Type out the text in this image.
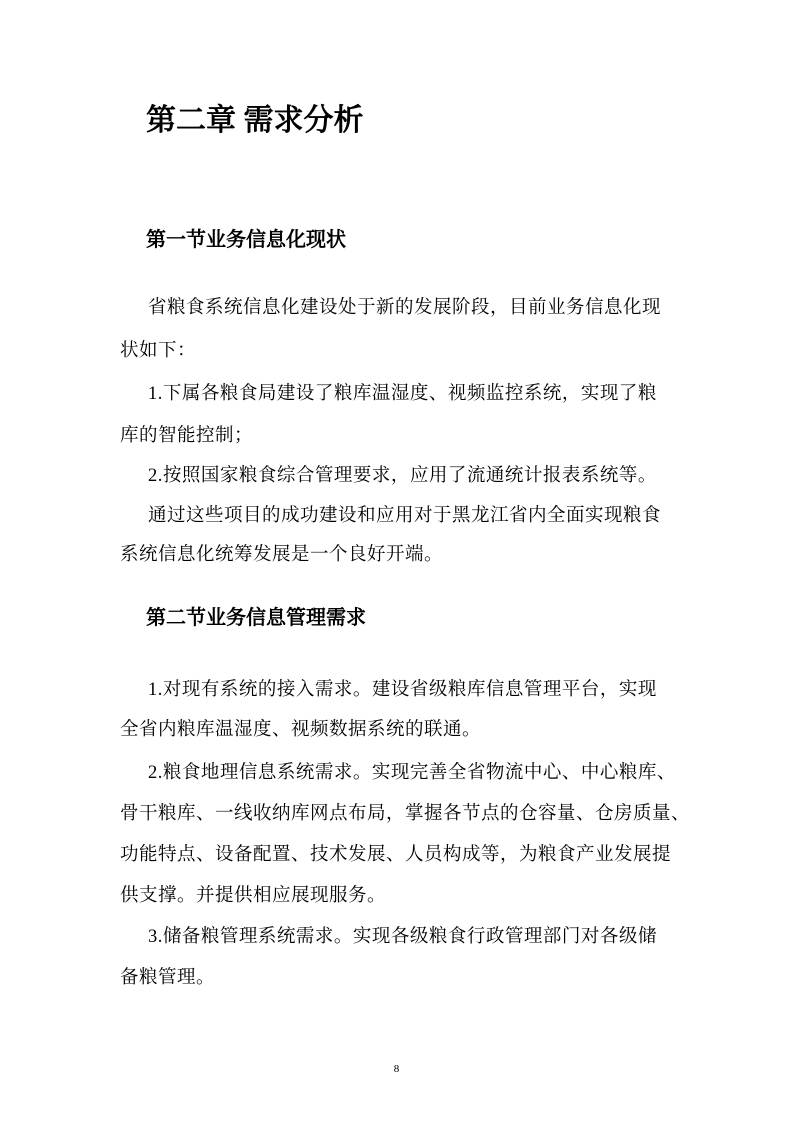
第二章 需求分析
第一节业务信息化现状
省粮食系统信息化建设处于新的发展阶段，目前业务信息化现
状如下：
1.下属各粮食局建设了粮库温湿度、视频监控系统，实现了粮
库的智能控制；
2.按照国家粮食综合管理要求，应用了流通统计报表系统等。
通过这些项目的成功建设和应用对于黑龙江省内全面实现粮食
系统信息化统筹发展是一个良好开端。
第二节业务信息管理需求
1.对现有系统的接入需求。建设省级粮库信息管理平台，实现
全省内粮库温湿度、视频数据系统的联通。
2.粮食地理信息系统需求。实现完善全省物流中心、中心粮库、
骨干粮库、一线收纳库网点布局，掌握各节点的仓容量、仓房质量、
功能特点、设备配置、技术发展、人员构成等，为粮食产业发展提
供支撑。并提供相应展现服务。
3.储备粮管理系统需求。实现各级粮食行政管理部门对各级储
备粮管理。
8
